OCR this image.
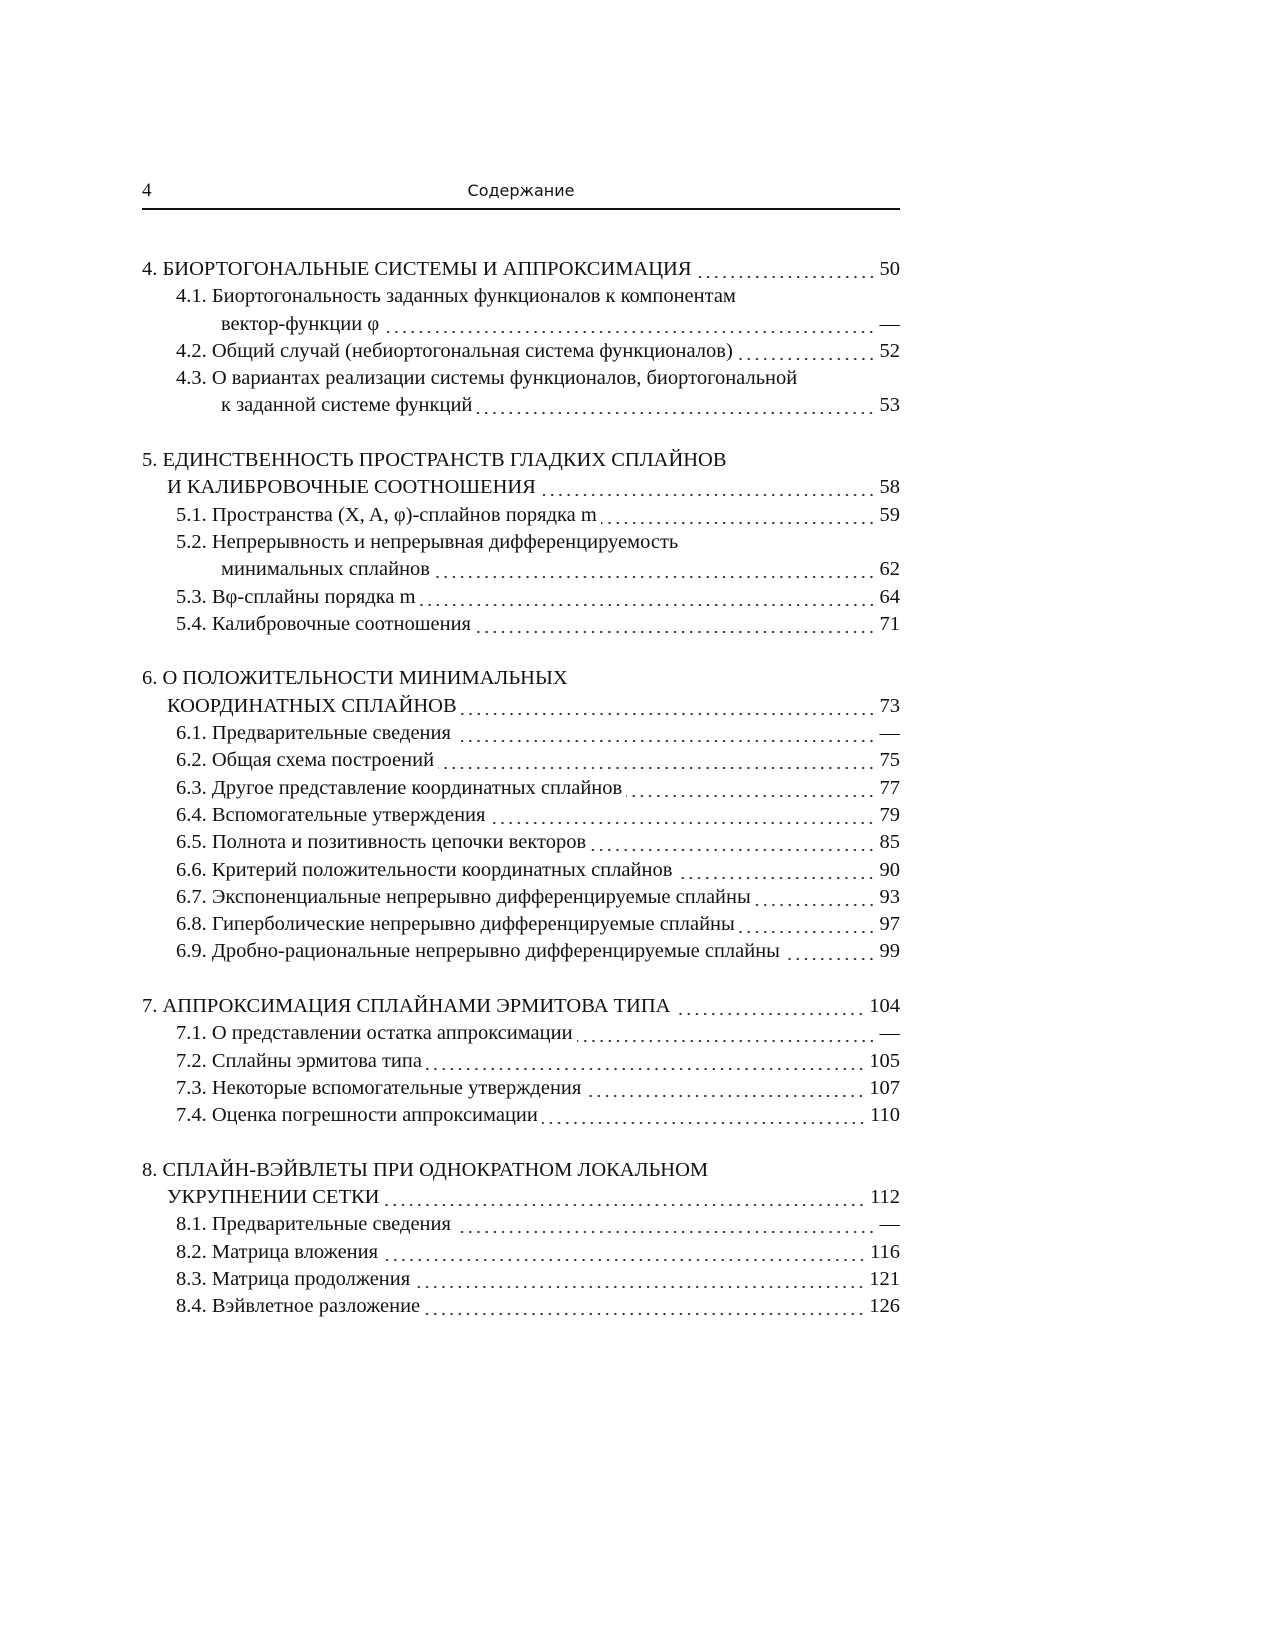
4	Содержание
4. БИОРТОГОНАЛЬНЫЕ СИСТЕМЫ И АППРОКСИМАЦИЯ	50
4.1. Биортогональность заданных функционалов к компонентам
вектор-функции φ	—
4.2. Общий случай (небиортогональная система функционалов)	52
4.3. О вариантах реализации системы функционалов, биортогональной
к заданной системе функций	53
5. ЕДИНСТВЕННОСТЬ ПРОСТРАНСТВ ГЛАДКИХ СПЛАЙНОВ
И КАЛИБРОВОЧНЫЕ СООТНОШЕНИЯ	58
5.1. Пространства (X, A, φ)-сплайнов порядка m	59
5.2. Непрерывность и непрерывная дифференцируемость
минимальных сплайнов	62
5.3. Bφ-сплайны порядка m	64
5.4. Калибровочные соотношения	71
6. О ПОЛОЖИТЕЛЬНОСТИ МИНИМАЛЬНЫХ
КООРДИНАТНЫХ СПЛАЙНОВ	73
6.1. Предварительные сведения	—
6.2. Общая схема построений	75
6.3. Другое представление координатных сплайнов	77
6.4. Вспомогательные утверждения	79
6.5. Полнота и позитивность цепочки векторов	85
6.6. Критерий положительности координатных сплайнов	90
6.7. Экспоненциальные непрерывно дифференцируемые сплайны	93
6.8. Гиперболические непрерывно дифференцируемые сплайны	97
6.9. Дробно-рациональные непрерывно дифференцируемые сплайны	99
7. АППРОКСИМАЦИЯ СПЛАЙНАМИ ЭРМИТОВА ТИПА	104
7.1. О представлении остатка аппроксимации	—
7.2. Сплайны эрмитова типа	105
7.3. Некоторые вспомогательные утверждения	107
7.4. Оценка погрешности аппроксимации	110
8. СПЛАЙН-ВЭЙВЛЕТЫ ПРИ ОДНОКРАТНОМ ЛОКАЛЬНОМ
УКРУПНЕНИИ СЕТКИ	112
8.1. Предварительные сведения	—
8.2. Матрица вложения	116
8.3. Матрица продолжения	121
8.4. Вэйвлетное разложение	126
